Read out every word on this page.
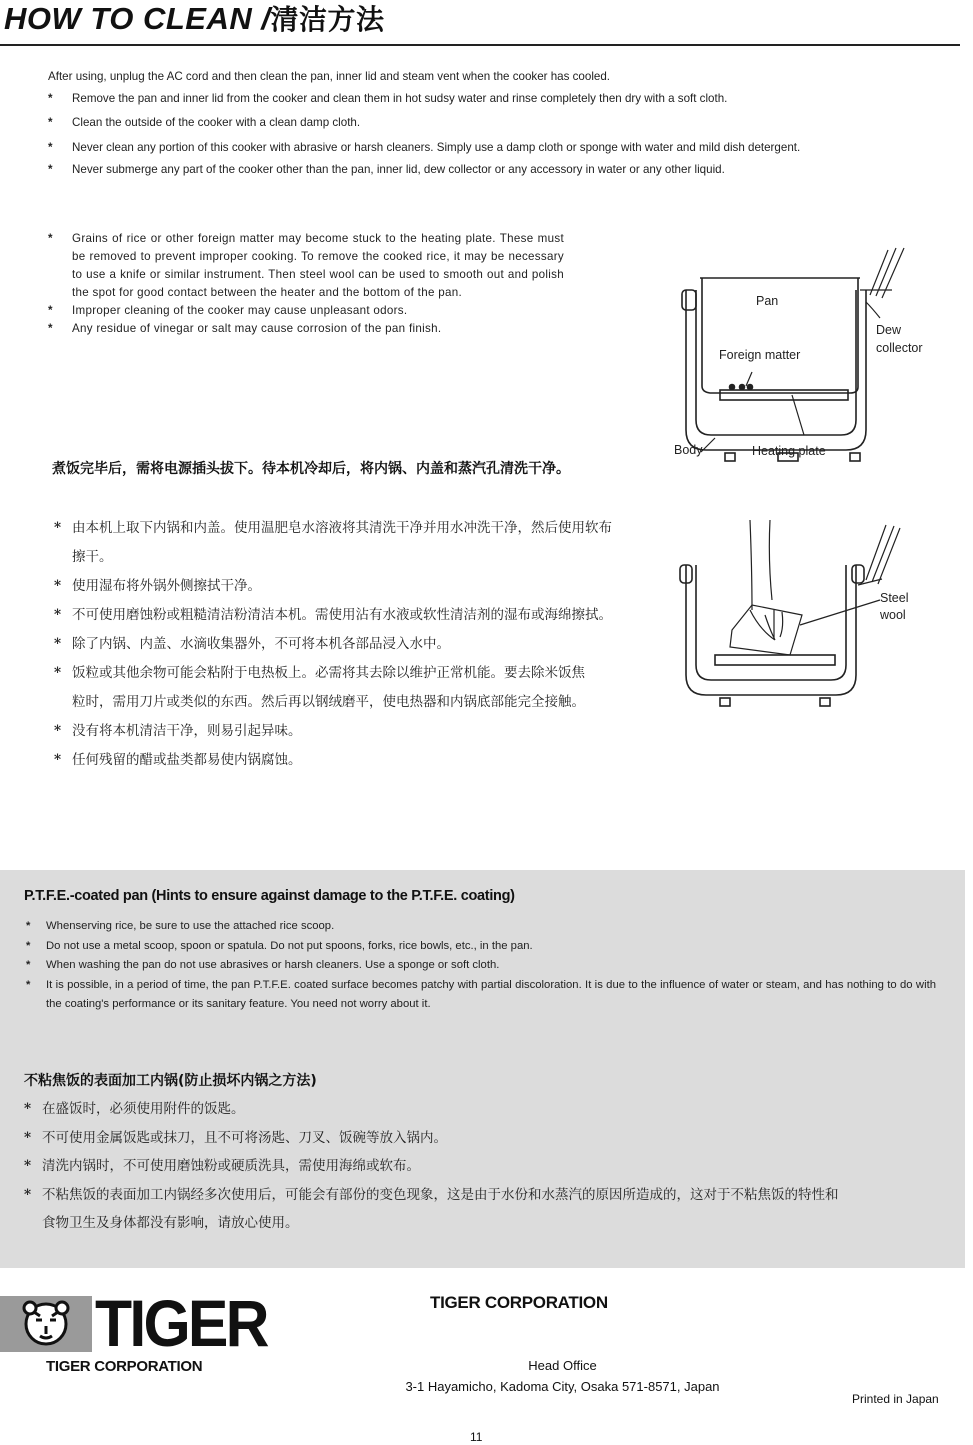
HOW TO CLEAN /清洁方法
After using, unplug the AC cord and then clean the pan, inner lid and steam vent when the cooker has cooled.
* Remove the pan and inner lid from the cooker and clean them in hot sudsy water and rinse completely then dry with a soft cloth.
* Clean the outside of the cooker with a clean damp cloth.
* Never clean any portion of this cooker with abrasive or harsh cleaners. Simply use a damp cloth or sponge with water and mild dish detergent.
* Never submerge any part of the cooker other than the pan, inner lid, dew collector or any accessory in water or any other liquid.
* Grains of rice or other foreign matter may become stuck to the heating plate. These must be removed to prevent improper cooking. To remove the cooked rice, it may be necessary to use a knife or similar instrument. Then steel wool can be used to smooth out and polish the spot for good contact between the heater and the bottom of the pan.
* Improper cleaning of the cooker may cause unpleasant odors.
* Any residue of vinegar or salt may cause corrosion of the pan finish.
Pan
Dew
collector
Foreign matter
Body	Heating plate
Steel
wool
煮饭完毕后，需将电源插头拔下。待本机冷却后，将内锅、内盖和蒸汽孔清洗干净。
* 由本机上取下内锅和内盖。使用温肥皂水溶液将其清洗干净并用水冲洗干净，然后使用软布擦干。
* 使用湿布将外锅外侧擦拭干净。
* 不可使用磨蚀粉或粗糙清洁粉清洁本机。需使用沾有水液或软性清洁剂的湿布或海绵擦拭。
* 除了内锅、内盖、水滴收集器外，不可将本机各部品浸入水中。
* 饭粒或其他余物可能会粘附于电热板上。必需将其去除以维护正常机能。要去除米饭焦粒时，需用刀片或类似的东西。然后再以钢绒磨平，使电热器和内锅底部能完全接触。
* 没有将本机清洁干净，则易引起异味。
* 任何残留的醋或盐类都易使内锅腐蚀。
P.T.F.E.-coated pan (Hints to ensure against damage to the P.T.F.E. coating)
* Whenserving rice, be sure to use the attached rice scoop.
* Do not use a metal scoop, spoon or spatula. Do not put spoons, forks, rice bowls, etc., in the pan.
* When washing the pan do not use abrasives or harsh cleaners. Use a sponge or soft cloth.
* It is possible, in a period of time, the pan P.T.F.E. coated surface becomes patchy with partial discoloration. It is due to the influence of water or steam, and has nothing to do with the coating's performance or its sanitary feature. You need not worry about it.
不粘焦饭的表面加工内锅(防止损坏内锅之方法)
* 在盛饭时，必须使用附件的饭匙。
* 不可使用金属饭匙或抹刀，且不可将汤匙、刀叉、饭碗等放入锅内。
* 清洗内锅时，不可使用磨蚀粉或硬质洗具，需使用海绵或软布。
* 不粘焦饭的表面加工内锅经多次使用后，可能会有部份的变色现象，这是由于水份和水蒸汽的原因所造成的，这对于不粘焦饭的特性和食物卫生及身体都没有影响，请放心使用。
TIGER
TIGER CORPORATION
TIGER CORPORATION
Head Office
3-1 Hayamicho, Kadoma City, Osaka 571-8571, Japan
Printed in Japan
11
